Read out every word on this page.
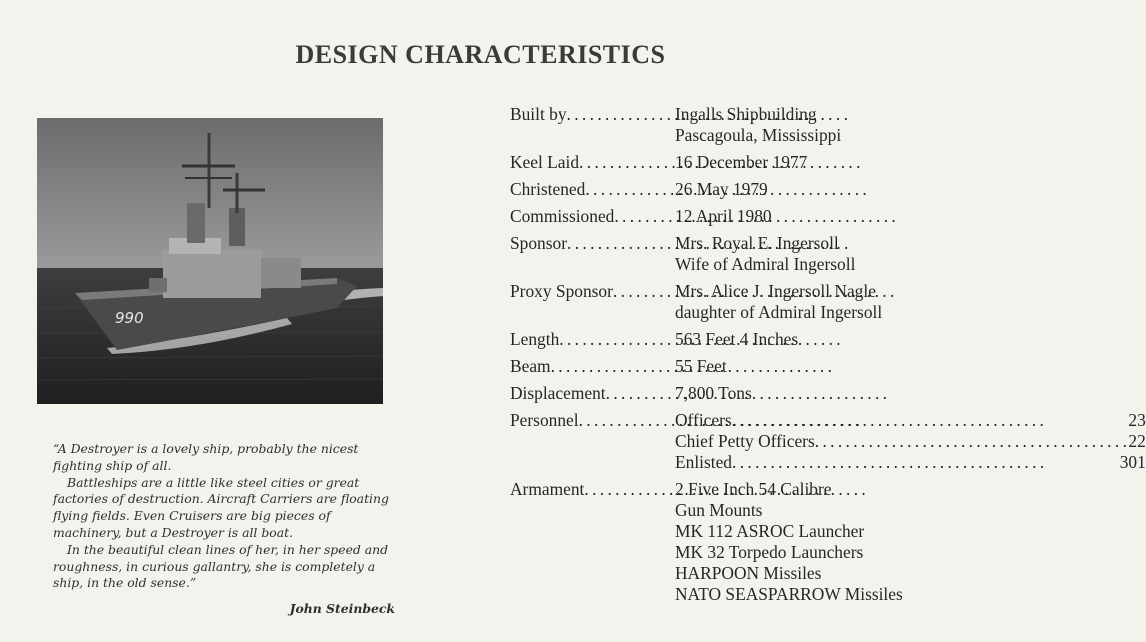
DESIGN CHARACTERISTICS
990

“A Destroyer is a lovely ship, probably the nicest fighting ship of all.

Battleships are a little like steel cities or great factories of destruction. Aircraft Carriers are floating flying fields. Even Cruisers are big pieces of machinery, but a Destroyer is all boat.

In the beautiful clean lines of her, in her speed and roughness, in curious gallantry, she is completely a ship, in the old sense.”

John Steinbeck
Built by . . .	Ingalls Shipbuilding
Pascagoula, Mississippi
Keel Laid . . .	16 December 1977
Christened . . .	26 May 1979
Commissioned . . .	12 April 1980
Sponsor . . .	Mrs. Royal E. Ingersoll
Wife of Admiral Ingersoll
Proxy Sponsor . . .	Mrs. Alice J. Ingersoll Nagle
daughter of Admiral Ingersoll
Length . . .	563 Feet 4 Inches
Beam . . .	55 Feet
Displacement . . .	7,800 Tons
Personnel . . .	Officers . . .	23
Chief Petty Officers . . .	22
Enlisted . . .	301
Armament . . .	2 Five Inch 54 Calibre
Gun Mounts
MK 112 ASROC Launcher
MK 32 Torpedo Launchers
HARPOON Missiles
NATO SEASPARROW Missiles
